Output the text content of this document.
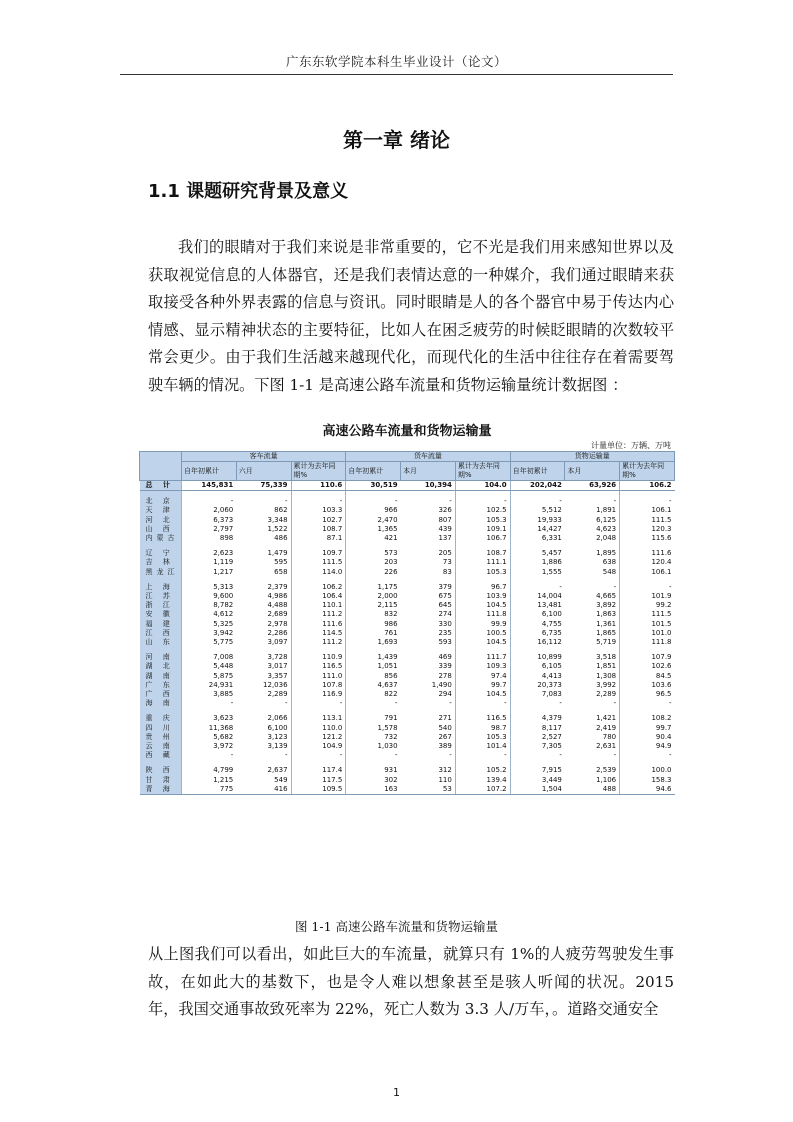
广东东软学院本科生毕业设计（论文）
第一章 绪论
1.1 课题研究背景及意义
我们的眼睛对于我们来说是非常重要的，它不光是我们用来感知世界以及获取视觉信息的人体器官，还是我们表情达意的一种媒介，我们通过眼睛来获取接受各种外界表露的信息与资讯。同时眼睛是人的各个器官中易于传达内心情感、显示精神状态的主要特征，比如人在困乏疲劳的时候眨眼睛的次数较平常会更少。由于我们生活越来越现代化，而现代化的生活中往往存在着需要驾驶车辆的情况。下图 1-1 是高速公路车流量和货物运输量统计数据图 ：
高速公路车流量和货物运输量
计量单位：万辆、万吨
	客车流量			货车流量			货物运输量		
	自年初累计	六月	累计为去年同期%	自年初累计	本月	累计为去年同期%	自年初累计	本月	累计为去年同期%
总 计	145,831	75,339	110.6	30,519	10,394	104.0	202,042	63,926	106.2

北 京	-	-	-	-	-	-	-	-	-
天 津	2,060	862	103.3	966	326	102.5	5,512	1,891	106.1
河 北	6,373	3,348	102.7	2,470	807	105.3	19,933	6,125	111.5
山 西	2,797	1,522	108.7	1,365	439	109.1	14,427	4,623	120.3
内蒙古	898	486	87.1	421	137	106.7	6,331	2,048	115.6

辽 宁	2,623	1,479	109.7	573	205	108.7	5,457	1,895	111.6
吉 林	1,119	595	111.5	203	73	111.1	1,886	638	120.4
黑龙江	1,217	658	114.0	226	83	105.3	1,555	548	106.1

上 海	5,313	2,379	106.2	1,175	379	96.7	-	-	-
江 苏	9,600	4,986	106.4	2,000	675	103.9	14,004	4,665	101.9
浙 江	8,782	4,488	110.1	2,115	645	104.5	13,481	3,892	99.2
安 徽	4,612	2,689	111.2	832	274	111.8	6,100	1,863	111.5
福 建	5,325	2,978	111.6	986	330	99.9	4,755	1,361	101.5
江 西	3,942	2,286	114.5	761	235	100.5	6,735	1,865	101.0
山 东	5,775	3,097	111.2	1,693	593	104.5	16,112	5,719	111.8

河 南	7,008	3,728	110.9	1,439	469	111.7	10,899	3,518	107.9
湖 北	5,448	3,017	116.5	1,051	339	109.3	6,105	1,851	102.6
湖 南	5,875	3,357	111.0	856	278	97.4	4,413	1,308	84.5
广 东	24,931	12,036	107.8	4,637	1,490	99.7	20,373	3,992	103.6
广 西	3,885	2,289	116.9	822	294	104.5	7,083	2,289	96.5
海 南	-	-	-	-	-	-	-	-	-

重 庆	3,623	2,066	113.1	791	271	116.5	4,379	1,421	108.2
四 川	11,368	6,100	110.0	1,578	540	98.7	8,117	2,419	99.7
贵 州	5,682	3,123	121.2	732	267	105.3	2,527	780	90.4
云 南	3,972	3,139	104.9	1,030	389	101.4	7,305	2,631	94.9
西 藏	-	-	-	-	-	-	-	-	-

陕 西	4,799	2,637	117.4	931	312	105.2	7,915	2,539	100.0
甘 肃	1,215	549	117.5	302	110	139.4	3,449	1,106	158.3
青 海	775	416	109.5	163	53	107.2	1,504	488	94.6
图 1-1 高速公路车流量和货物运输量
从上图我们可以看出，如此巨大的车流量，就算只有 1%的人疲劳驾驶发生事故，在如此大的基数下，也是令人难以想象甚至是骇人听闻的状况。2015 年，我国交通事故致死率为 22%，死亡人数为 3.3 人/万车，。道路交通安全
1
